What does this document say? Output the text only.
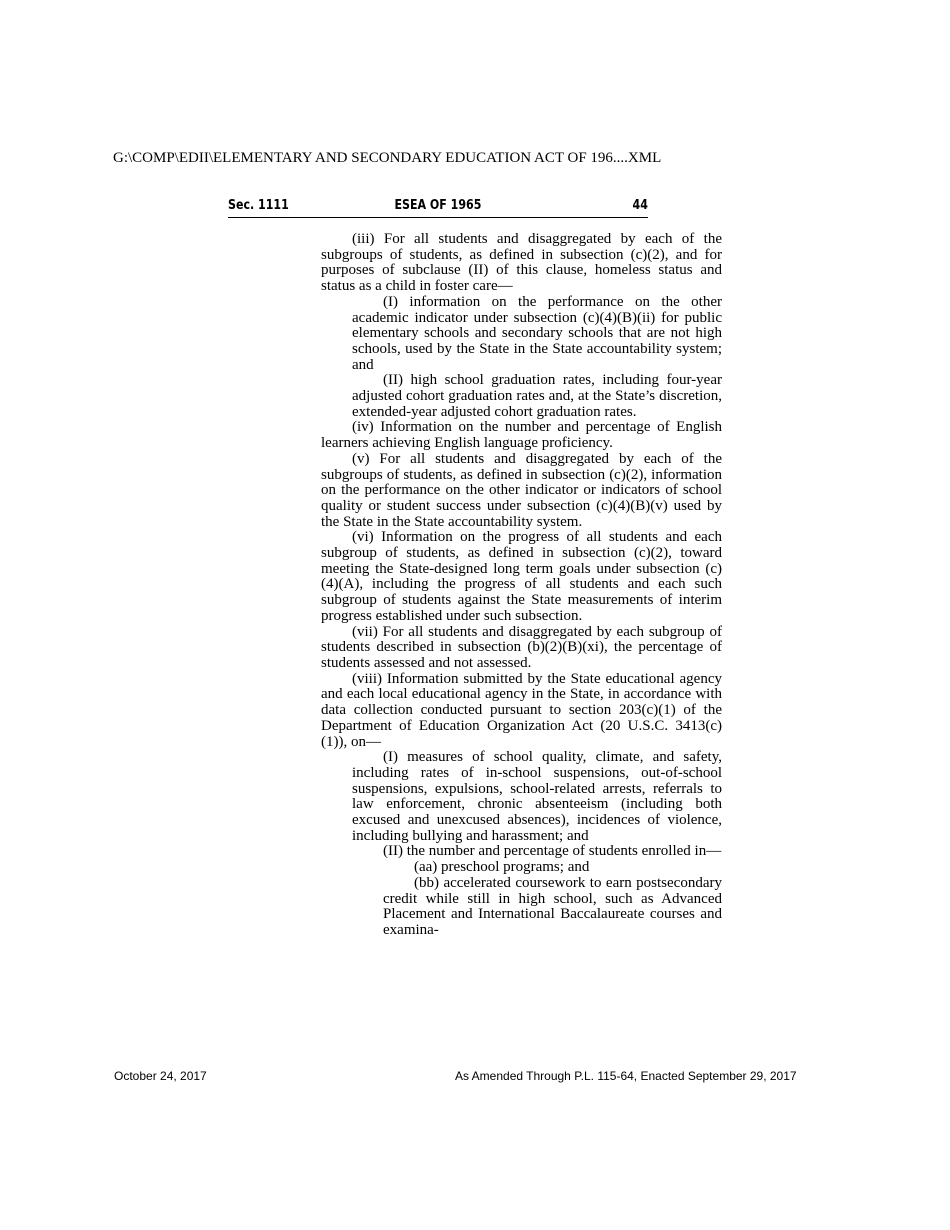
G:\COMP\EDII\ELEMENTARY AND SECONDARY EDUCATION ACT OF 196....XML
Sec. 1111	ESEA OF 1965	44

(iii) For all students and disaggregated by each of the subgroups of students, as defined in subsection (c)(2), and for purposes of subclause (II) of this clause, homeless status and status as a child in foster care—

(I) information on the performance on the other academic indicator under subsection (c)(4)(B)(ii) for public elementary schools and secondary schools that are not high schools, used by the State in the State accountability system; and

(II) high school graduation rates, including four-year adjusted cohort graduation rates and, at the State’s discretion, extended-year adjusted cohort graduation rates.

(iv) Information on the number and percentage of English learners achieving English language proficiency.

(v) For all students and disaggregated by each of the subgroups of students, as defined in subsection (c)(2), information on the performance on the other indicator or indicators of school quality or student success under subsection (c)(4)(B)(v) used by the State in the State accountability system.

(vi) Information on the progress of all students and each subgroup of students, as defined in subsection (c)(2), toward meeting the State-designed long term goals under subsection (c)(4)(A), including the progress of all students and each such subgroup of students against the State measurements of interim progress established under such subsection.

(vii) For all students and disaggregated by each subgroup of students described in subsection (b)(2)(B)(xi), the percentage of students assessed and not assessed.

(viii) Information submitted by the State educational agency and each local educational agency in the State, in accordance with data collection conducted pursuant to section 203(c)(1) of the Department of Education Organization Act (20 U.S.C. 3413(c)(1)), on—

(I) measures of school quality, climate, and safety, including rates of in-school suspensions, out-of-school suspensions, expulsions, school-related arrests, referrals to law enforcement, chronic absenteeism (including both excused and unexcused absences), incidences of violence, including bullying and harassment; and

(II) the number and percentage of students enrolled in—

(aa) preschool programs; and

(bb) accelerated coursework to earn postsecondary credit while still in high school, such as Advanced Placement and International Baccalaureate courses and examina-

October 24, 2017	As Amended Through P.L. 115-64, Enacted September 29, 2017
